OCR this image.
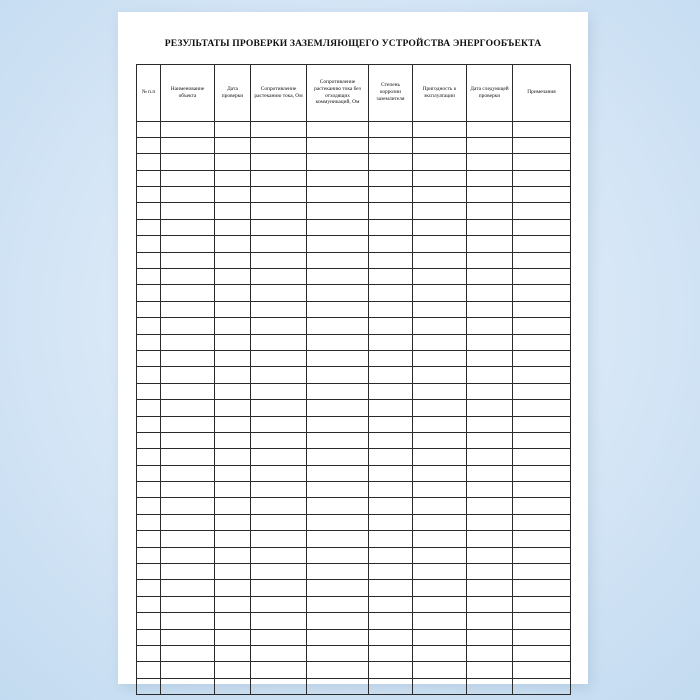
РЕЗУЛЬТАТЫ ПРОВЕРКИ ЗАЗЕМЛЯЮЩЕГО УСТРОЙСТВА ЭНЕРГООБЪЕКТА
№ п.п	Наименование объекта	Дата проверки	Сопротивление растеканию тока, Ом	Сопротивление растеканию тока без отходящих коммуникаций, Ом	Степень коррозии заземлителя	Пригодность к эксплуатации	Дата следующей проверки	Примечания
